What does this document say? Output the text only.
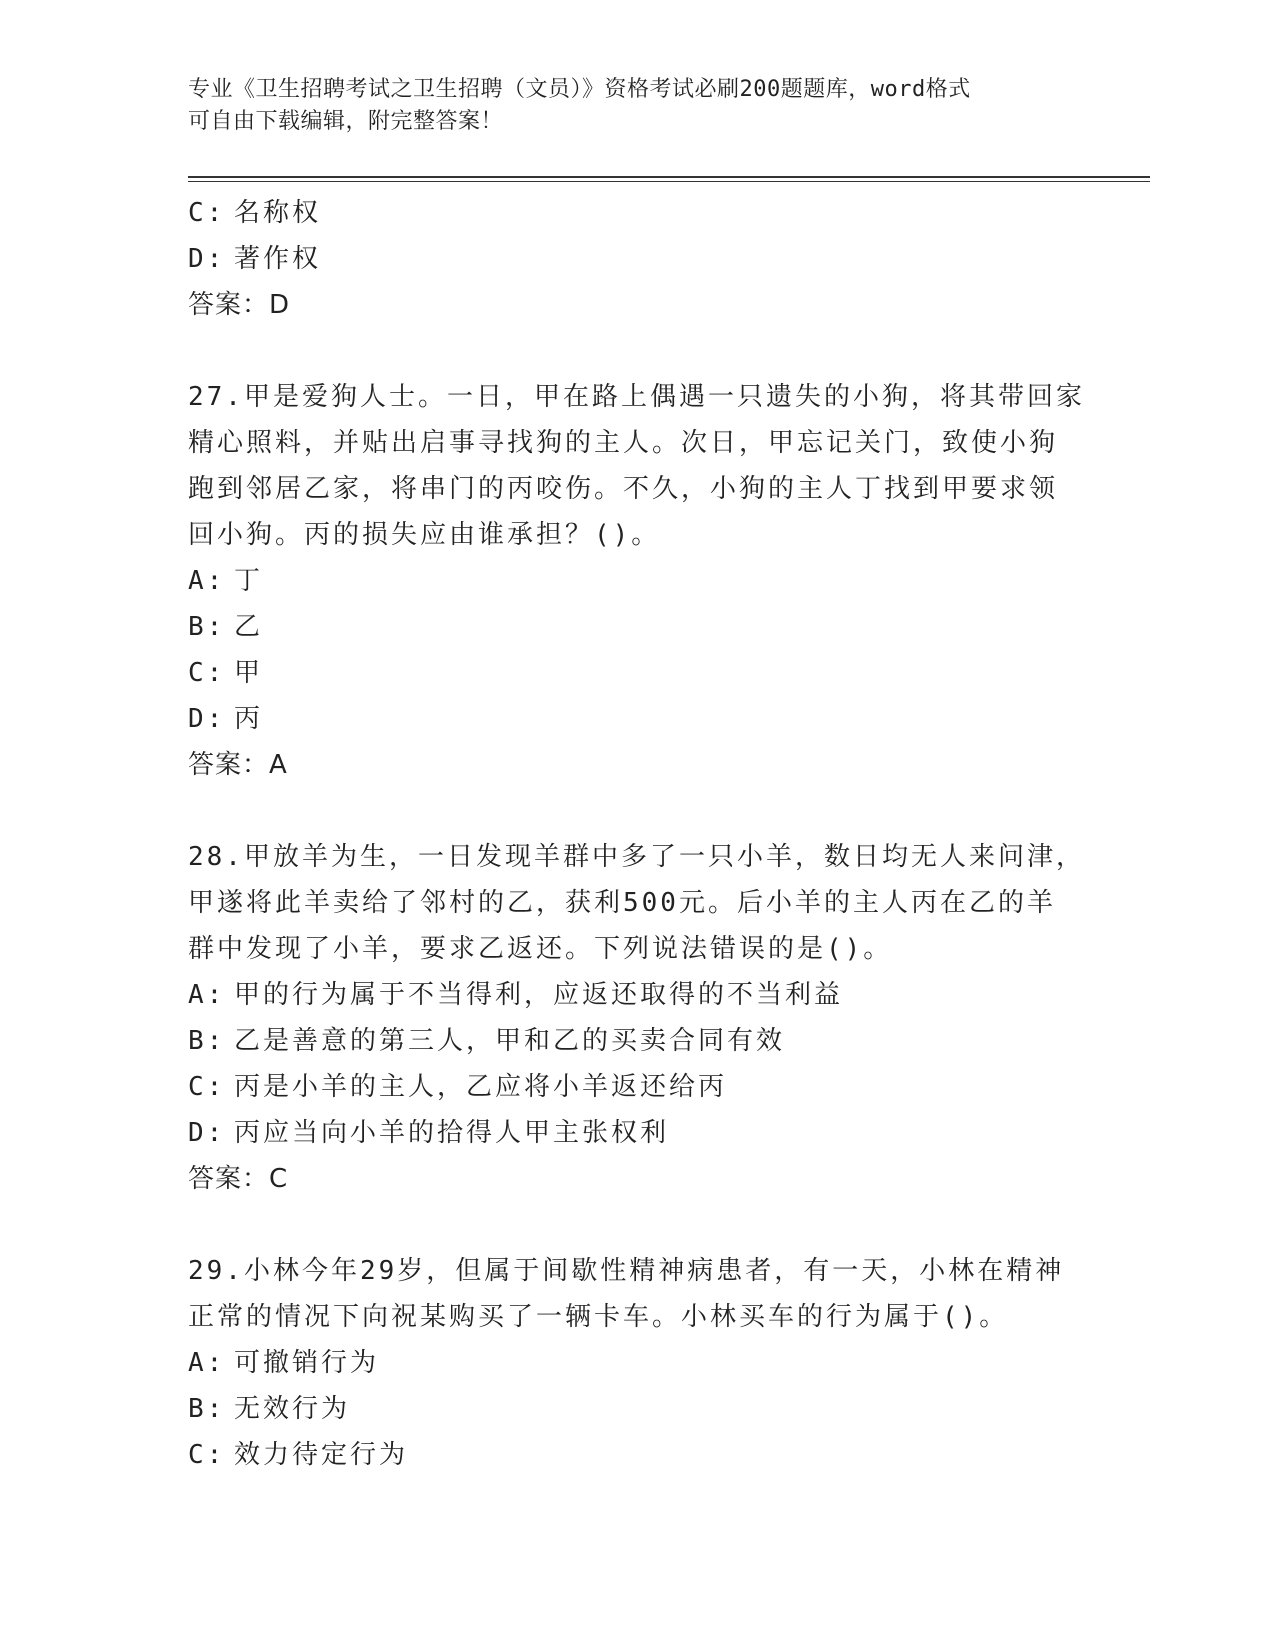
专业《卫生招聘考试之卫生招聘（文员）》资格考试必刷200题题库，word格式
可自由下载编辑，附完整答案！
C: 名称权
D: 著作权
答案：D
27.甲是爱狗人士。一日，甲在路上偶遇一只遗失的小狗，将其带回家
精心照料，并贴出启事寻找狗的主人。次日，甲忘记关门，致使小狗
跑到邻居乙家，将串门的丙咬伤。不久，小狗的主人丁找到甲要求领
回小狗。丙的损失应由谁承担？()。
A: 丁
B: 乙
C: 甲
D: 丙
答案：A
28.甲放羊为生，一日发现羊群中多了一只小羊，数日均无人来问津，
甲遂将此羊卖给了邻村的乙，获利500元。后小羊的主人丙在乙的羊
群中发现了小羊，要求乙返还。下列说法错误的是()。
A: 甲的行为属于不当得利，应返还取得的不当利益
B: 乙是善意的第三人，甲和乙的买卖合同有效
C: 丙是小羊的主人，乙应将小羊返还给丙
D: 丙应当向小羊的拾得人甲主张权利
答案：C
29.小林今年29岁，但属于间歇性精神病患者，有一天，小林在精神
正常的情况下向祝某购买了一辆卡车。小林买车的行为属于()。
A: 可撤销行为
B: 无效行为
C: 效力待定行为
